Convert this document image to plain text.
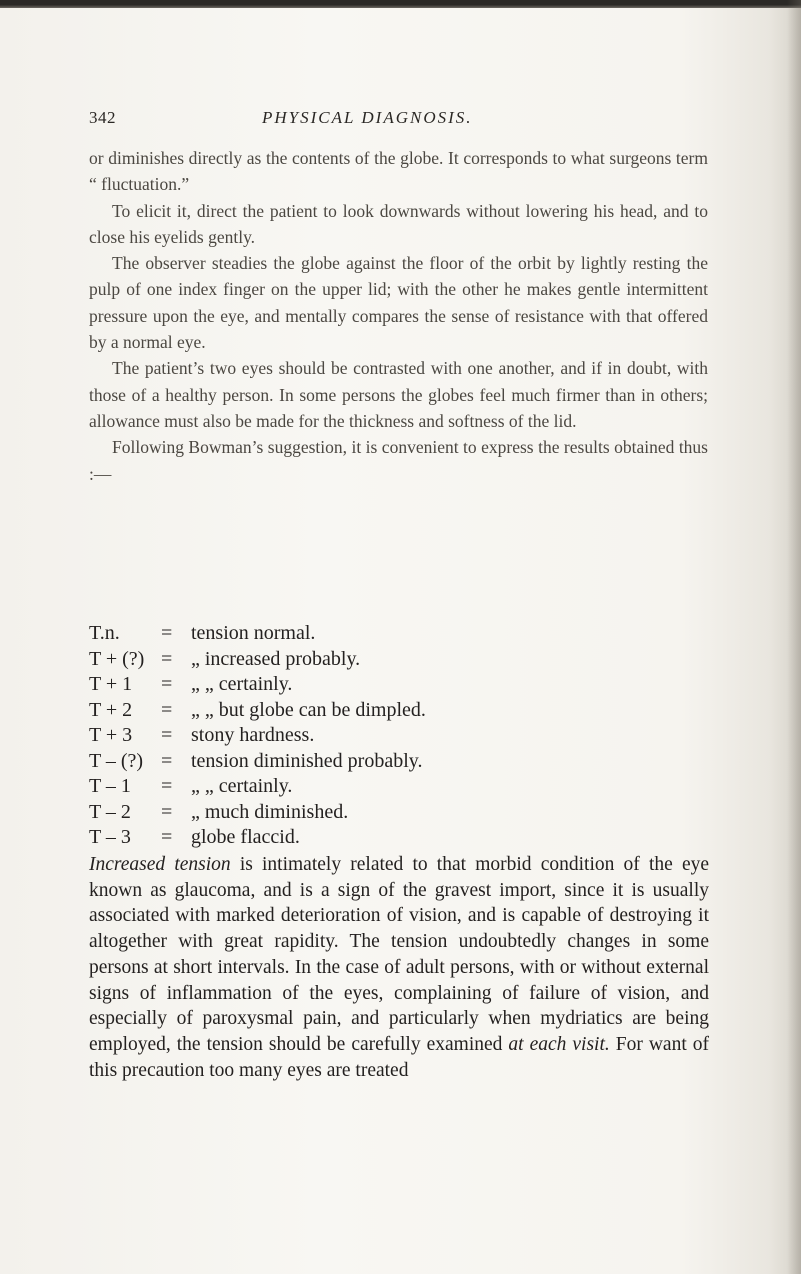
342	PHYSICAL DIAGNOSIS.

or diminishes directly as the contents of the globe. It corresponds to what surgeons term “ fluctuation.”

To elicit it, direct the patient to look downwards without lowering his head, and to close his eyelids gently.

The observer steadies the globe against the floor of the orbit by lightly resting the pulp of one index finger on the upper lid; with the other he makes gentle intermittent pressure upon the eye, and mentally compares the sense of resistance with that offered by a normal eye.

The patient’s two eyes should be contrasted with one another, and if in doubt, with those of a healthy person. In some persons the globes feel much firmer than in others; allowance must also be made for the thickness and softness of the lid.

Following Bowman’s suggestion, it is convenient to express the results obtained thus :—

T.n. = tension normal.
T + (?) = „ increased probably.
T + 1 = „ „ certainly.
T + 2 = „ „ but globe can be dimpled.
T + 3 = stony hardness.
T – (?) = tension diminished probably.
T – 1 = „ „ certainly.
T – 2 = „ much diminished.
T – 3 = globe flaccid.

Increased tension is intimately related to that morbid condition of the eye known as glaucoma, and is a sign of the gravest import, since it is usually associated with marked deterioration of vision, and is capable of destroying it altogether with great rapidity. The tension undoubtedly changes in some persons at short intervals. In the case of adult persons, with or without external signs of inflammation of the eyes, complaining of failure of vision, and especially of paroxysmal pain, and particularly when mydriatics are being employed, the tension should be carefully examined at each visit. For want of this precaution too many eyes are treated
